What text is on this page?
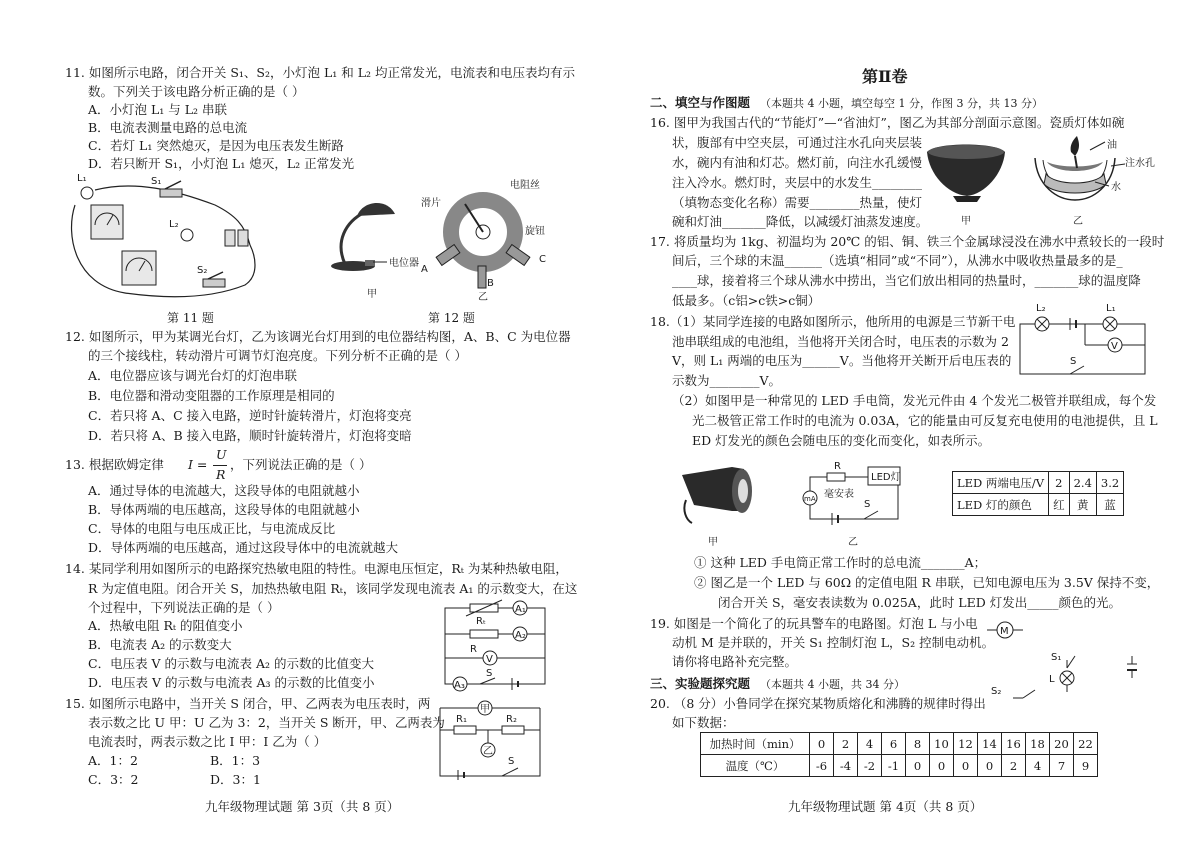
11. 如图所示电路，闭合开关 S₁、S₂，小灯泡 L₁ 和 L₂ 均正常发光，电流表和电压表均有示
数。下列关于该电路分析正确的是（ ）
A．小灯泡 L₁ 与 L₂ 串联
B．电流表测量电路的总电流
C．若灯 L₁ 突然熄灭，是因为电压表发生断路
D．若只断开 S₁，小灯泡 L₁ 熄灭，L₂ 正常发光
L₁	S₁
L₂
S₂
第 11 题
电位器
甲
电阻丝
滑片
旋钮
A
B
C
乙
第 12 题
12. 如图所示，甲为某调光台灯，乙为该调光台灯用到的电位器结构图，A、B、C 为电位器
的三个接线柱，转动滑片可调节灯泡亮度。下列分析不正确的是（ ）
A．电位器应该与调光台灯的灯泡串联
B．电位器和滑动变阻器的工作原理是相同的
C．若只将 A、C 接入电路，逆时针旋转滑片，灯泡将变亮
D．若只将 A、B 接入电路，顺时针旋转滑片，灯泡将变暗
13. 根据欧姆定律 I =
U
R
，下列说法正确的是（ ）
A．通过导体的电流越大，这段导体的电阻就越小
B．导体两端的电压越高，这段导体的电阻就越小
C．导体的电阻与电压成正比，与电流成反比
D．导体两端的电压越高，通过这段导体中的电流就越大
14. 某同学利用如图所示的电路探究热敏电阻的特性。电源电压恒定，Rₜ 为某种热敏电阻，
R 为定值电阻。闭合开关 S，加热热敏电阻 Rₜ，该同学发现电流表 A₁ 的示数变大，在这
个过程中，下列说法正确的是（ ）
A．热敏电阻 Rₜ 的阻值变小
B．电流表 A₂ 的示数变大
C．电压表 V 的示数与电流表 A₂ 的示数的比值变大
D．电压表 V 的示数与电流表 A₃ 的示数的比值变小
Rₜ
A₁
A₂
R
V
A₃
S
15. 如图所示电路中，当开关 S 闭合，甲、乙两表为电压表时，两
表示数之比 U 甲：U 乙为 3：2，当开关 S 断开，甲、乙两表为
电流表时，两表示数之比 I 甲：I 乙为（ ）
A．1：2	B．1：3
C．3：2	D．3：1
甲
R₁	R₂
乙
S
九年级物理试题 第 3页（共 8 页）
第Ⅱ卷
二、填空与作图题 （本题共 4 小题，填空每空 1 分，作图 3 分，共 13 分）
16. 图甲为我国古代的“节能灯”—“省油灯”，图乙为其部分剖面示意图。瓷质灯体如碗
状，腹部有中空夹层，可通过注水孔向夹层装
水，碗内有油和灯芯。燃灯前，向注水孔缓慢
注入冷水。燃灯时，夹层中的水发生________
（填物态变化名称）需要________热量，使灯
碗和灯油_______降低，以减缓灯油蒸发速度。	甲
油
注水孔
水
乙
17. 将质量均为 1kg、初温均为 20℃ 的铝、铜、铁三个金属球浸没在沸水中煮较长的一段时
间后，三个球的末温______（选填“相同”或“不同”），从沸水中吸收热量最多的是_
____球，接着将三个球从沸水中捞出，当它们放出相同的热量时，_______球的温度降
低最多。（c铝>c铁>c铜）
18.（1）某同学连接的电路如图所示，他所用的电源是三节新干电
池串联组成的电池组，当他将开关闭合时，电压表的示数为 2
V，则 L₁ 两端的电压为______V。当他将开关断开后电压表的
示数为________V。
L₂	L₁
V
S
（2）如图甲是一种常见的 LED 手电筒，发光元件由 4 个发光二极管并联组成，每个发
光二极管正常工作时的电流为 0.03A，它的能量由可反复充电使用的电池提供，且 L
ED 灯发光的颜色会随电压的变化而变化，如表所示。
甲
R
LED灯
mA 毫安表
S
乙
LED 两端电压/V	2	2.4	3.2
LED 灯的颜色	红	黄	蓝
① 这种 LED 手电筒正常工作时的总电流_______A；
② 图乙是一个 LED 与 60Ω 的定值电阻 R 串联，已知电源电压为 3.5V 保持不变，
闭合开关 S，毫安表读数为 0.025A，此时 LED 灯发出_____颜色的光。
19. 如图是一个简化了的玩具警车的电路图。灯泡 L 与小电
动机 M 是并联的，开关 S₁ 控制灯泡 L，S₂ 控制电动机。
请你将电路补充完整。
M
S₁
L
S₂
三、实验题探究题 （本题共 4 小题，共 34 分）
20. （8 分）小鲁同学在探究某物质熔化和沸腾的规律时得出
如下数据：
加热时间（min）	0	2	4	6	8	10	12	14	16	18	20	22
温度（℃）	-6	-4	-2	-1	0	0	0	0	2	4	7	9
九年级物理试题 第 4页（共 8 页）
